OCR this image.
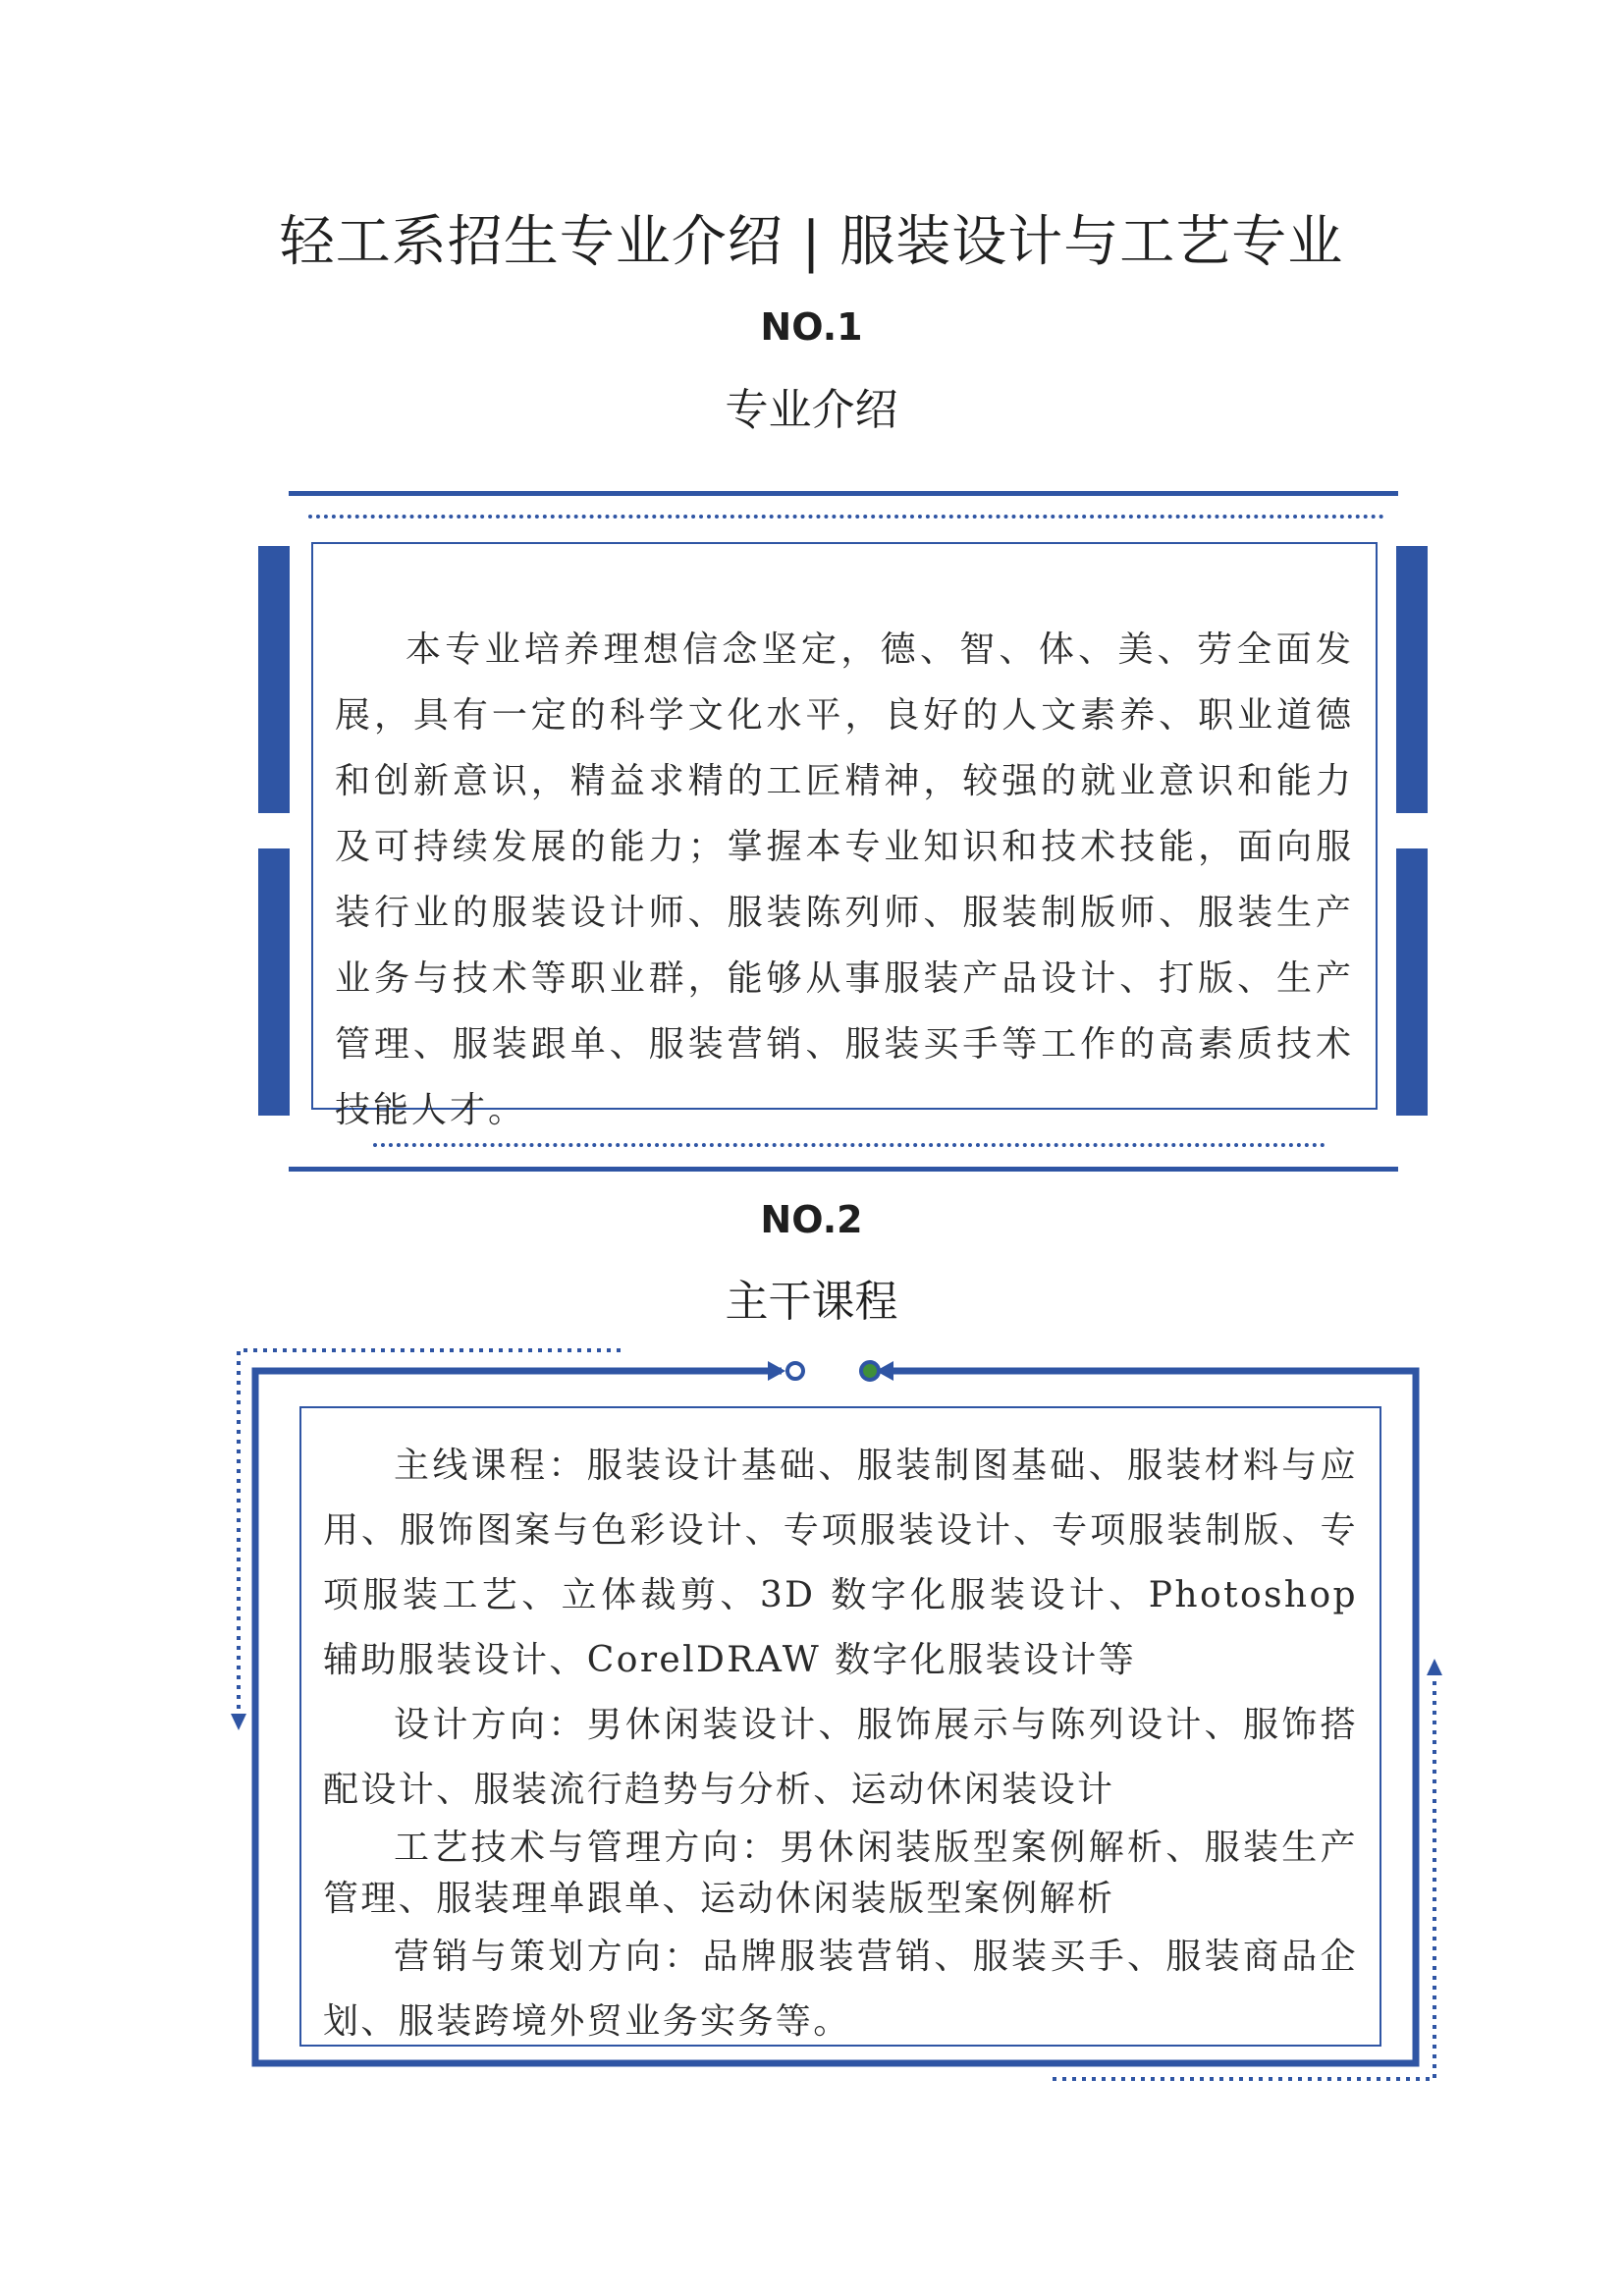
轻工系招生专业介绍 | 服装设计与工艺专业
NO.1
专业介绍

本专业培养理想信念坚定，德、智、体、美、劳全面发展，具有一定的科学文化水平，良好的人文素养、职业道德和创新意识，精益求精的工匠精神，较强的就业意识和能力及可持续发展的能力；掌握本专业知识和技术技能，面向服装行业的服装设计师、服装陈列师、服装制版师、服装生产业务与技术等职业群，能够从事服装产品设计、打版、生产管理、服装跟单、服装营销、服装买手等工作的高素质技术技能人才。

NO.2
主干课程

主线课程：服装设计基础、服装制图基础、服装材料与应用、服饰图案与色彩设计、专项服装设计、专项服装制版、专项服装工艺、立体裁剪、3D 数字化服装设计、Photoshop 辅助服装设计、CorelDRAW 数字化服装设计等

设计方向：男休闲装设计、服饰展示与陈列设计、服饰搭配设计、服装流行趋势与分析、运动休闲装设计

工艺技术与管理方向：男休闲装版型案例解析、服装生产管理、服装理单跟单、运动休闲装版型案例解析

营销与策划方向：品牌服装营销、服装买手、服装商品企划、服装跨境外贸业务实务等。
